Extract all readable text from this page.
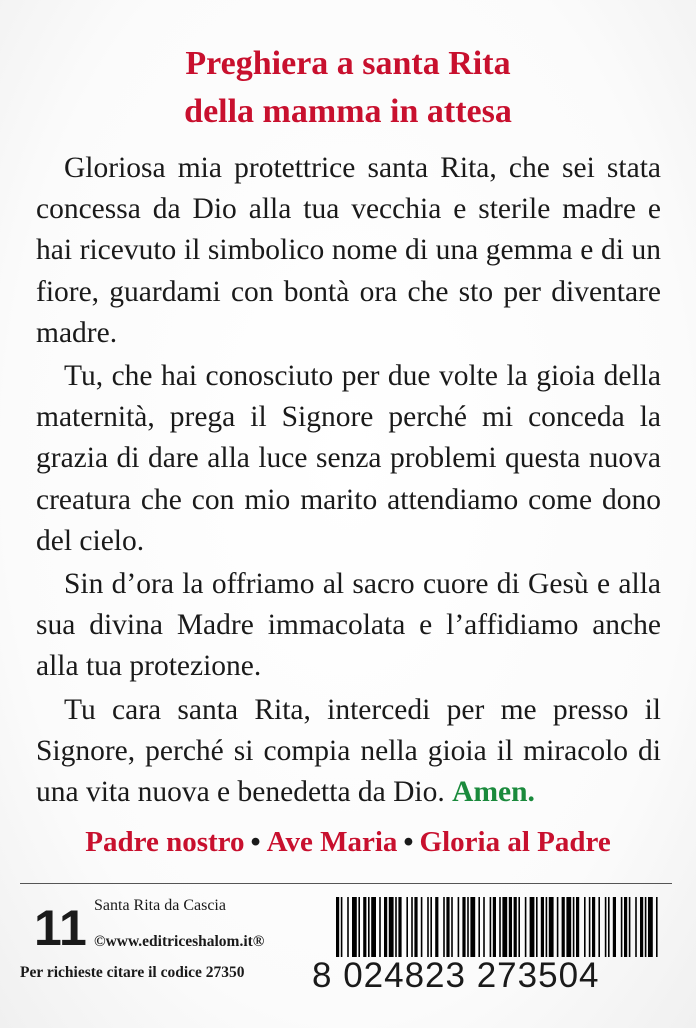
Preghiera a santa Rita
della mamma in attesa

Gloriosa mia protettrice santa Rita, che sei stata concessa da Dio alla tua vecchia e sterile madre e hai ricevuto il simbolico nome di una gemma e di un fiore, guardami con bontà ora che sto per diventare madre.

Tu, che hai conosciuto per due volte la gioia della maternità, prega il Signore perché mi conceda la grazia di dare alla luce senza problemi questa nuova creatura che con mio marito attendiamo come dono del cielo.

Sin d’ora la offriamo al sacro cuore di Gesù e alla sua divina Madre immacolata e l’affidiamo anche alla tua protezione.

Tu cara santa Rita, intercedi per me presso il Signore, perché si compia nella gioia il miracolo di una vita nuova e benedetta da Dio. Amen.

Padre nostro • Ave Maria • Gloria al Padre
11 Santa Rita da Cascia
©www.editriceshalom.it®
Per richieste citare il codice 27350 8 024823 273504
